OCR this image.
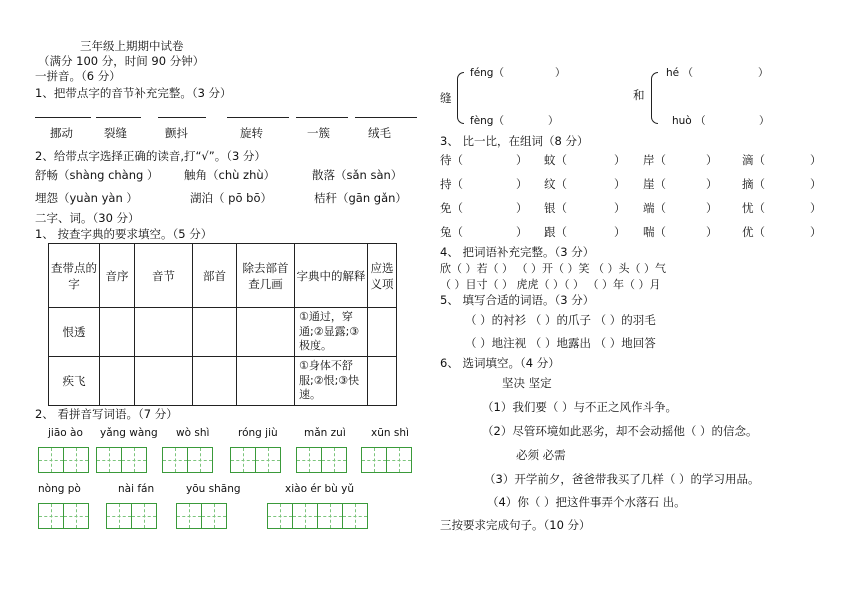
三年级上期期中试卷
（满分 100 分，时间 90 分钟）
一拼音。（6 分）
1、把带点字的音节补充完整。（3 分）
挪动	裂缝	颤抖	旋转	一簇	绒毛
2、给带点字选择正确的读音,打“√”。（3 分）
舒畅（shàng chàng ） 触角（chù zhù）	散落（sǎn sàn）
埋怨（yuàn yàn ）	湖泊（ pō bō）	桔秆（gān gǎn）
二字、词。（30 分）
1、 按查字典的要求填空。（5 分）
查带点的字	音序	音节	部首	除去部首查几画	字典中的解释	应选义项
恨透					①通过，穿通;②显露;③极度。	
疾飞					①身体不舒服;②恨;③快速。	
2、 看拼音写词语。（7 分）
jiāo ào yǎng wàng wò shì	róng jiù	mǎn zuì xūn shì
nòng pò	nài fán	yōu shāng	xiào ér bù yǔ
缝
féng（	）
fèng（	）
和
hé （	）
huò （	）
3、 比一比，在组词（8 分）
待（	） 蚊（	） 岸（	） 滴（	）
持（	） 纹（	） 崖（	） 摘（	）
免（	） 银（	） 端（	） 忧（	）
兔（	） 跟（	） 喘（	） 优（	）
4、 把词语补充完整。（3 分）
欣（ ）若（ ） （ ）开（ ）笑 （ ）头（ ）气
（ ）目寸（ ） 虎虎（ ）（ ） （ ）年（ ）月
5、 填写合适的词语。（3 分）
（ ）的衬衫 （ ）的爪子 （ ）的羽毛
（ ）地注视 （ ）地露出 （ ）地回答
6、 选词填空。（4 分）
坚决 坚定
（1）我们要（ ）与不正之风作斗争。
（2）尽管环境如此恶劣，却不会动摇他（ ）的信念。
必须 必需
（3）开学前夕，爸爸带我买了几样（ ）的学习用品。
（4）你（ ）把这件事弄个水落石 出。
三按要求完成句子。（10 分）
